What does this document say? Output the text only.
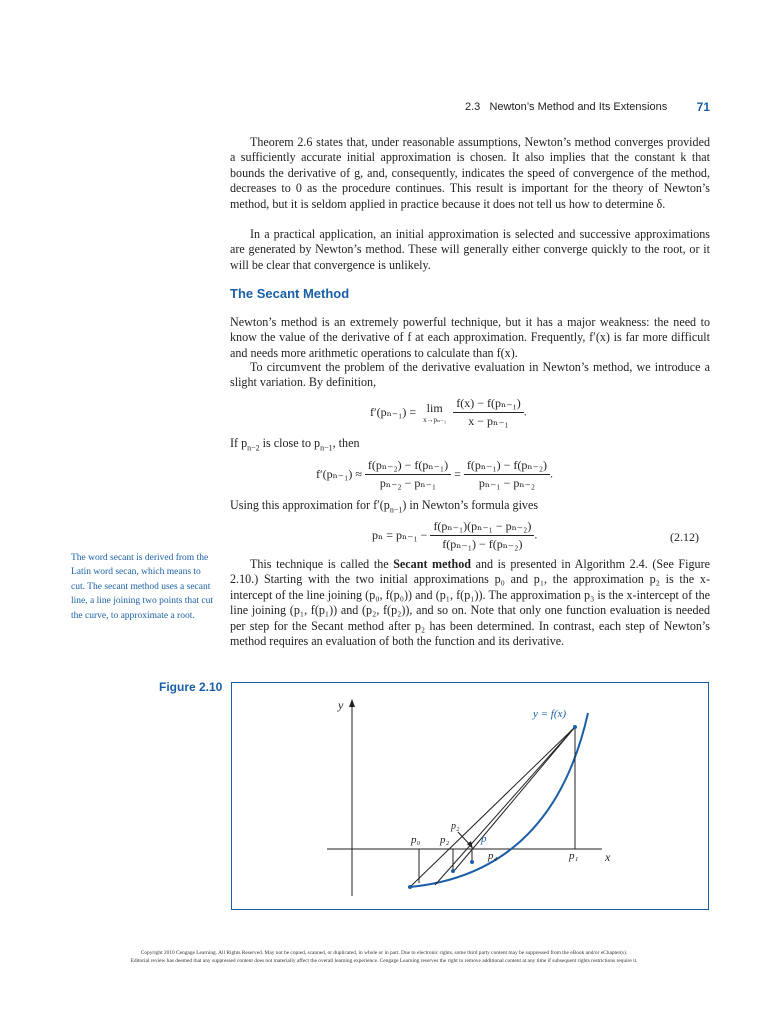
2.3 Newton’s Method and Its Extensions 71

Theorem 2.6 states that, under reasonable assumptions, Newton’s method converges provided a sufficiently accurate initial approximation is chosen. It also implies that the constant k that bounds the derivative of g, and, consequently, indicates the speed of convergence of the method, decreases to 0 as the procedure continues. This result is important for the theory of Newton’s method, but it is seldom applied in practice because it does not tell us how to determine δ.

In a practical application, an initial approximation is selected and successive approximations are generated by Newton’s method. These will generally either converge quickly to the root, or it will be clear that convergence is unlikely.

The Secant Method

Newton’s method is an extremely powerful technique, but it has a major weakness: the need to know the value of the derivative of f at each approximation. Frequently, f′(x) is far more difficult and needs more arithmetic operations to calculate than f(x).

To circumvent the problem of the derivative evaluation in Newton’s method, we introduce a slight variation. By definition,

f′(pₙ₋₁) = lim
x→pₙ₋₁
$\frac{\text{f(x) − f(pₙ₋₁)}}{\text{x − pₙ₋₁}}$ .
If $p_{n-2}$ is close to $p_{n-1}$, then
$f'(p_{n-1}) \approx \frac{\text{f(pₙ₋₂) − f(pₙ₋₁)}}{\text{pₙ₋₂ − pₙ₋₁}} = \frac{\text{f(pₙ₋₁) − f(pₙ₋₂)}}{\text{pₙ₋₁ − pₙ₋₂}}$ .
Using this approximation for $f'(p_{n-1})$ in Newton’s formula gives
$p_n = p_{n-1} - \frac{\text{f(pₙ₋₁)(pₙ₋₁ − pₙ₋₂)}}{\text{f(pₙ₋₁) − f(pₙ₋₂)}}$ .	(2.12)
The word secant is derived from the Latin word secan, which means to cut. The secant method uses a secant line, a line joining two points that cut the curve, to approximate a root.

This technique is called the Secant method and is presented in Algorithm 2.4. (See Figure 2.10.) Starting with the two initial approximations p₀ and p₁, the approximation p₂ is the x-intercept of the line joining (p₀, f(p₀)) and (p₁, f(p₁)). The approximation p₃ is the x-intercept of the line joining (p₁, f(p₁)) and (p₂, f(p₂)), and so on. Note that only one function evaluation is needed per step for the Secant method after p₂ has been determined. In contrast, each step of Newton’s method requires an evaluation of both the function and its derivative.

Figure 2.10
y
x
y = f(x)
p₀ p₂
p₂
p
p₄	p₁
Copyright 2010 Cengage Learning. All Rights Reserved. May not be copied, scanned, or duplicated, in whole or in part. Due to electronic rights, some third party content may be suppressed from the eBook and/or eChapter(s).
Editorial review has deemed that any suppressed content does not materially affect the overall learning experience. Cengage Learning reserves the right to remove additional content at any time if subsequent rights restrictions require it.
